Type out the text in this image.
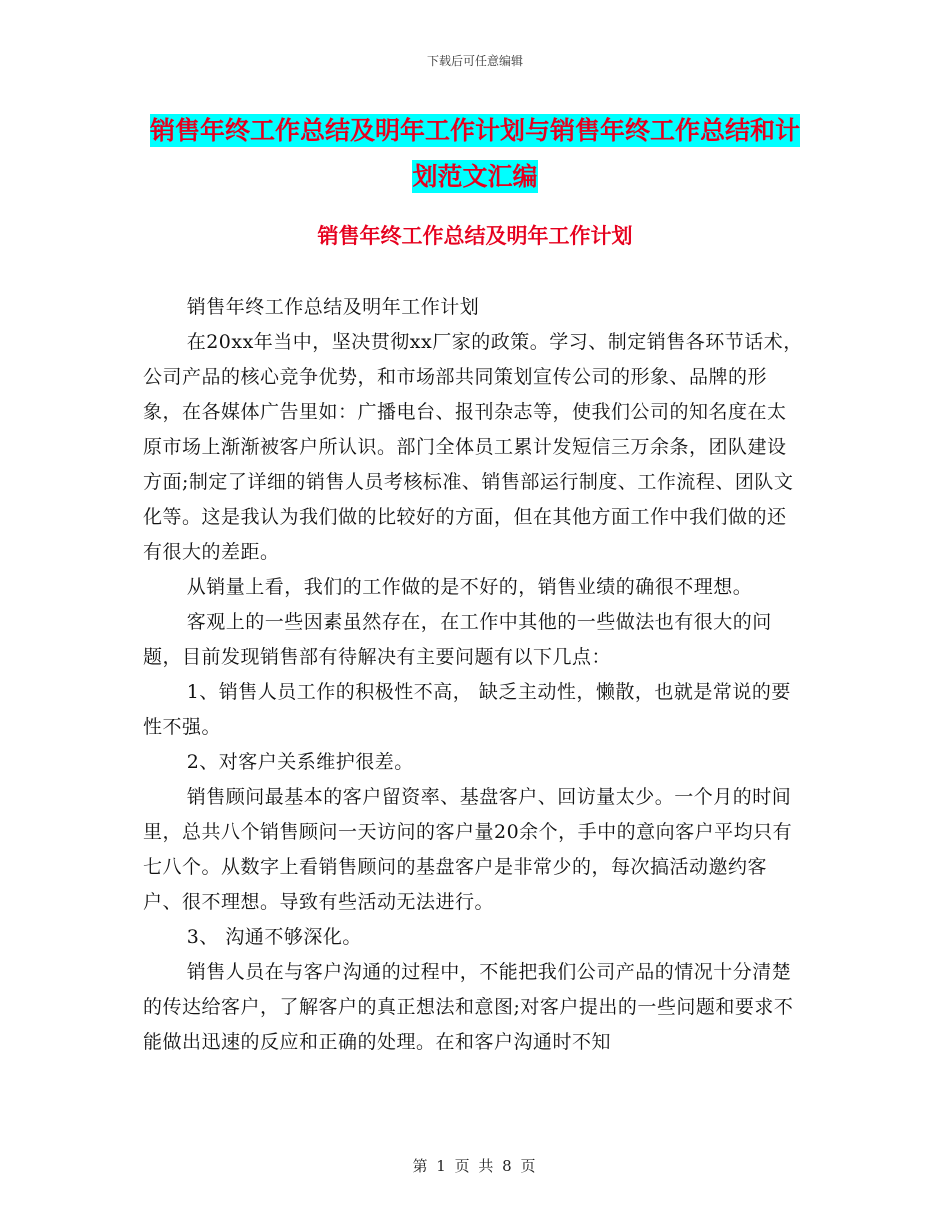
下载后可任意编辑
销售年终工作总结及明年工作计划与销售年终工作总结和计划范文汇编
销售年终工作总结及明年工作计划

销售年终工作总结及明年工作计划

在20xx年当中，坚决贯彻xx厂家的政策。学习、制定销售各环节话术，公司产品的核心竞争优势，和市场部共同策划宣传公司的形象、品牌的形象，在各媒体广告里如：广播电台、报刊杂志等，使我们公司的知名度在太原市场上渐渐被客户所认识。部门全体员工累计发短信三万余条，团队建设方面;制定了详细的销售人员考核标准、销售部运行制度、工作流程、团队文化等。这是我认为我们做的比较好的方面，但在其他方面工作中我们做的还有很大的差距。

从销量上看，我们的工作做的是不好的，销售业绩的确很不理想。

客观上的一些因素虽然存在，在工作中其他的一些做法也有很大的问题，目前发现销售部有待解决有主要问题有以下几点：

1、销售人员工作的积极性不高， 缺乏主动性，懒散，也就是常说的要性不强。

2、对客户关系维护很差。

销售顾问最基本的客户留资率、基盘客户、回访量太少。一个月的时间里，总共八个销售顾问一天访问的客户量20余个，手中的意向客户平均只有七八个。从数字上看销售顾问的基盘客户是非常少的，每次搞活动邀约客户、很不理想。导致有些活动无法进行。

3、 沟通不够深化。

销售人员在与客户沟通的过程中，不能把我们公司产品的情况十分清楚的传达给客户，了解客户的真正想法和意图;对客户提出的一些问题和要求不能做出迅速的反应和正确的处理。在和客户沟通时不知

第 1 页 共 8 页
